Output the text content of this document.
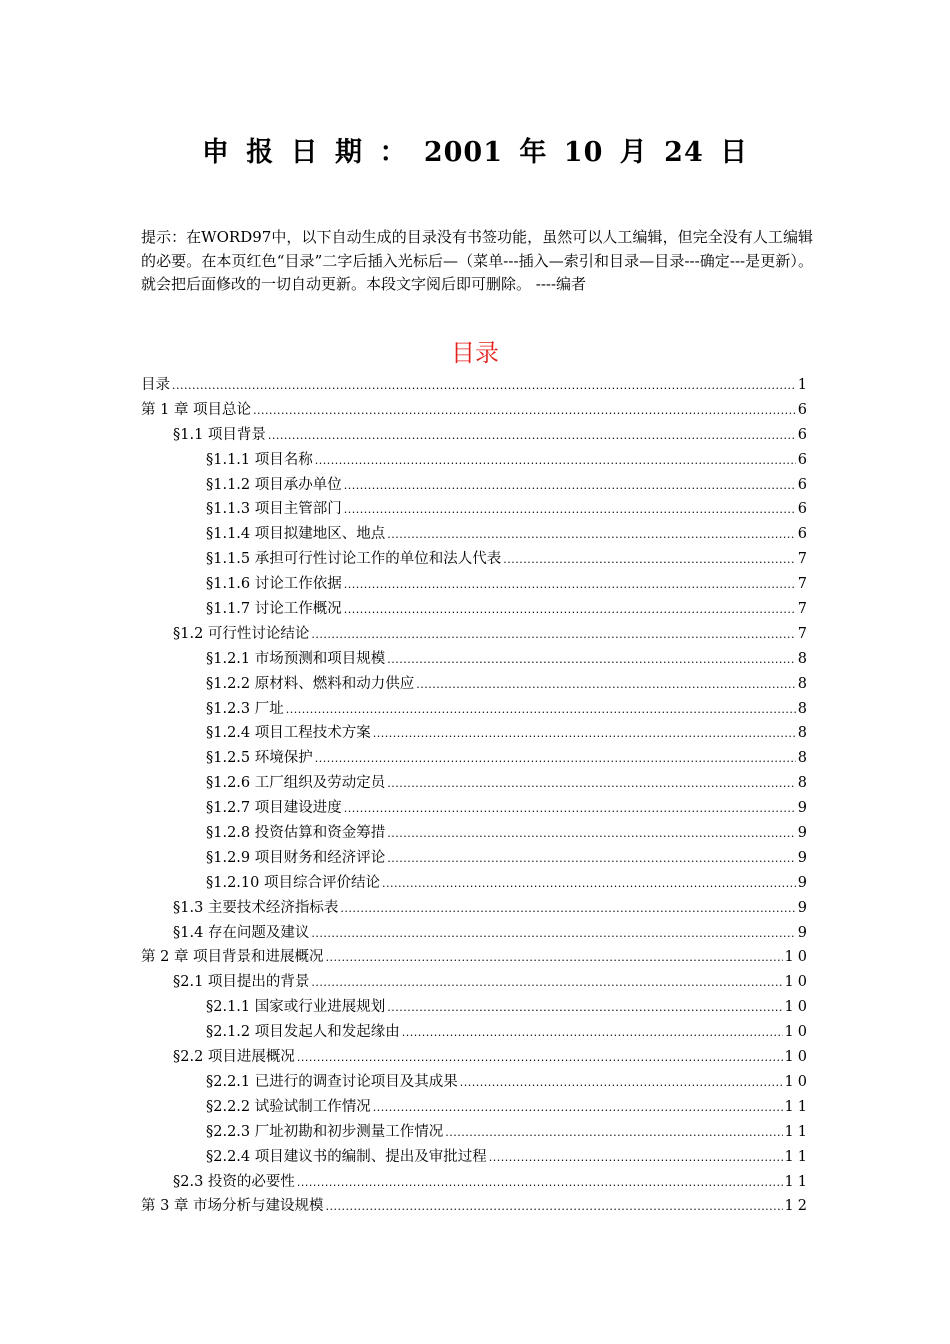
申 报 日 期 ： 2001 年 10 月 24 日
提示：在WORD97中，以下自动生成的目录没有书签功能，虽然可以人工编辑，但完全没有人工编辑的必要。在本页红色“目录”二字后插入光标后—（菜单---插入—索引和目录—目录---确定---是更新）。就会把后面修改的一切自动更新。本段文字阅后即可删除。 ----编者
目录
目录 .....	1
第 1 章 项目总论 .....	6
§1.1 项目背景 .....	6
§1.1.1 项目名称 .....	6
§1.1.2 项目承办单位 .....	6
§1.1.3 项目主管部门 .....	6
§1.1.4 项目拟建地区、地点 .....	6
§1.1.5 承担可行性讨论工作的单位和法人代表 .....	7
§1.1.6 讨论工作依据 .....	7
§1.1.7 讨论工作概况 .....	7
§1.2 可行性讨论结论 .....	7
§1.2.1 市场预测和项目规模 .....	8
§1.2.2 原材料、燃料和动力供应 .....	8
§1.2.3 厂址 .....	8
§1.2.4 项目工程技术方案 .....	8
§1.2.5 环境保护 .....	8
§1.2.6 工厂组织及劳动定员 .....	8
§1.2.7 项目建设进度 .....	9
§1.2.8 投资估算和资金筹措 .....	9
§1.2.9 项目财务和经济评论 .....	9
§1.2.10 项目综合评价结论 .....	9
§1.3 主要技术经济指标表 .....	9
§1.4 存在问题及建议 .....	9
第 2 章 项目背景和进展概况 .....	10
§2.1 项目提出的背景 .....	10
§2.1.1 国家或行业进展规划 .....	10
§2.1.2 项目发起人和发起缘由 .....	10
§2.2 项目进展概况 .....	10
§2.2.1 已进行的调查讨论项目及其成果 .....	10
§2.2.2 试验试制工作情况 .....	11
§2.2.3 厂址初勘和初步测量工作情况 .....	11
§2.2.4 项目建议书的编制、提出及审批过程 .....	11
§2.3 投资的必要性 .....	11
第 3 章 市场分析与建设规模 .....	12
